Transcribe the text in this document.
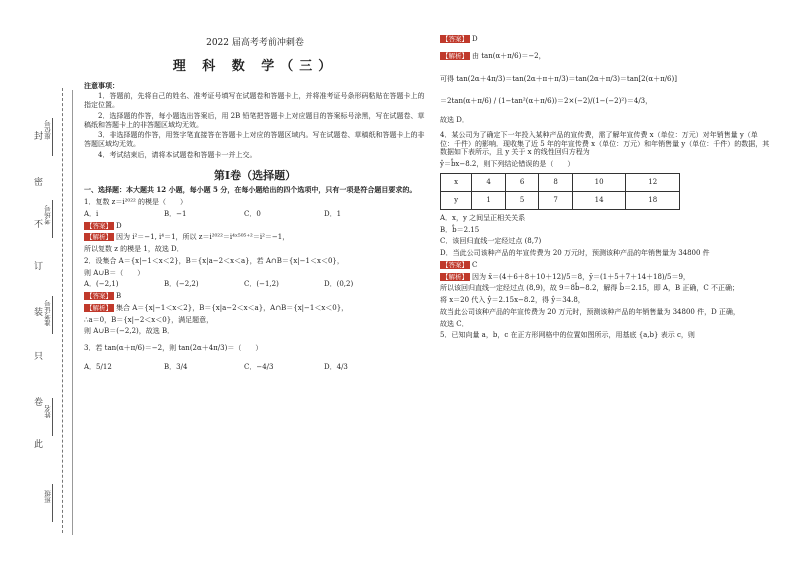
封
密
不
订
装
只
卷
此
座位号
考场号
准考证号
姓名
班级
2022 届高考考前冲刺卷
理 科 数 学（三）
注意事项：
1．答题前，先将自己的姓名、准考证号填写在试题卷和答题卡上，并将准考证号条形码粘贴在答题卡上的指定位置。
2．选择题的作答，每小题选出答案后，用 2B 铅笔把答题卡上对应题目的答案标号涂黑，写在试题卷、草稿纸和答题卡上的非答题区域均无效。
3．非选择题的作答，用签字笔直接答在答题卡上对应的答题区域内。写在试题卷、草稿纸和答题卡上的非答题区域均无效。
4．考试结束后，请将本试题卷和答题卡一并上交。
第Ⅰ卷（选择题）
一、选择题：本大题共 12 小题，每小题 5 分，在每小题给出的四个选项中，只有一项是符合题目要求的。
1．复数 z＝i²⁰²² 的模是（　　）
A．i	B．−1	C．0	D．1
【答案】 D
【解析】 因为 i²＝−1, i⁴＝1，所以 z＝i²⁰²²＝i⁴ˣ⁵⁰⁵⁺²＝i²＝−1，
所以复数 z 的模是 1，故选 D．
2．设集合 A＝{x|−1＜x＜2}，B＝{x|a−2＜x＜a}，若 A∩B＝{x|−1＜x＜0}，
则 A∪B＝（　　）
A．(−2,1)	B．(−2,2)	C．(−1,2)	D．(0,2)
【答案】 B
【解析】 集合 A＝{x|−1＜x＜2}，B＝{x|a−2＜x＜a}，A∩B＝{x|−1＜x＜0}，
∴a＝0，B＝{x|−2＜x＜0}，满足题意，
则 A∪B＝(−2,2)，故选 B．
3．若 tan(α＋π/6)＝−2，则 tan(2α＋4π/3)＝（　　）
A．5/12	B．3/4	C．−4/3	D．4/3
【答案】 D
【解析】 由 tan(α＋π/6)＝−2，
可得 tan(2α＋4π/3)＝tan(2α＋π＋π/3)＝tan(2α＋π/3)＝tan[2(α＋π/6)]
＝2tan(α＋π/6) / (1−tan²(α＋π/6))＝2×(−2)/(1−(−2)²)＝4/3，
故选 D．
4．某公司为了确定下一年投入某种产品的宣传费，需了解年宣传费 x（单位：万元）对年销售量 y（单位：千件）的影响．现收集了近 5 年的年宣传费 x（单位：万元）和年销售量 y（单位：千件）的数据，其数据如下表所示，且 y 关于 x 的线性回归方程为
ŷ＝b̂x−8.2，则下列结论错误的是（　　）
x	4	6	8	10	12
y	1	5	7	14	18
A．x，y 之间呈正相关关系
B．b̂＝2.15
C．该回归直线一定经过点 (8,7)
D．当此公司该种产品的年宣传费为 20 万元时，预测该种产品的年销售量为 34800 件
【答案】 C
【解析】 因为 x̄＝(4＋6＋8＋10＋12)/5＝8，ȳ＝(1＋5＋7＋14＋18)/5＝9，
所以该回归直线一定经过点 (8,9)，故 9＝8b̂−8.2，解得 b̂＝2.15，即 A，B 正确，C 不正确；
将 x＝20 代入 ŷ＝2.15x−8.2，得 ŷ＝34.8，
故当此公司该种产品的年宣传费为 20 万元时，预测该种产品的年销售量为 34800 件，D 正确，
故选 C．
5．已知向量 a，b，c 在正方形网格中的位置如图所示，用基底 {a,b} 表示 c，则
